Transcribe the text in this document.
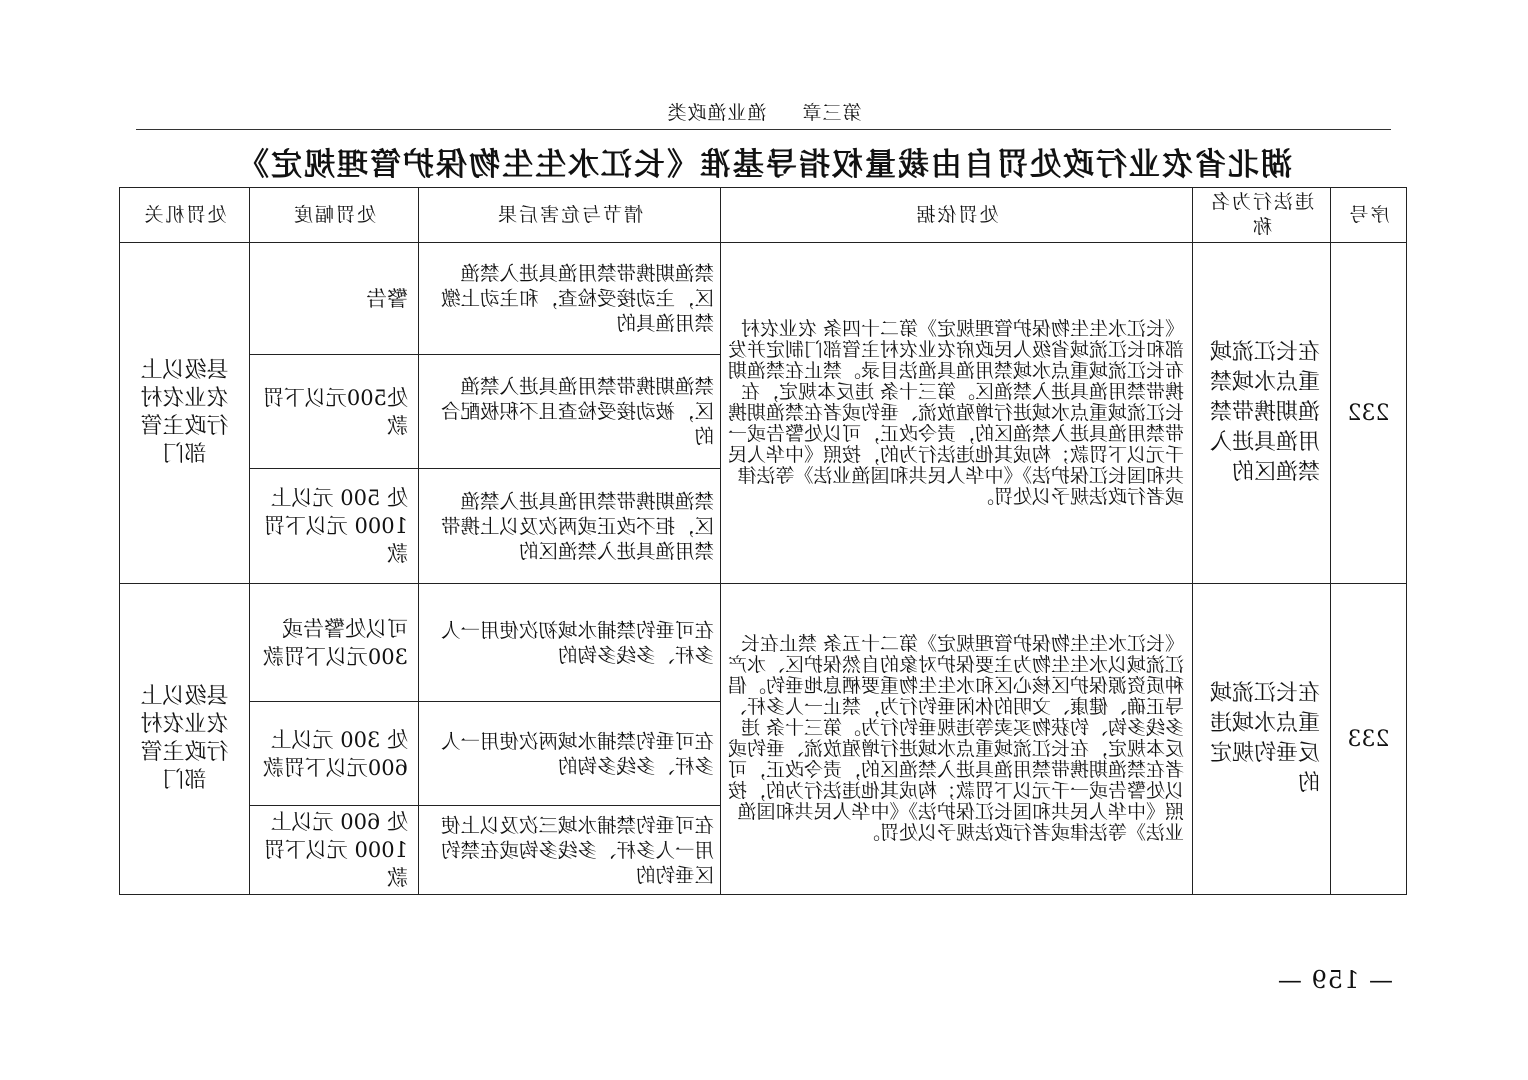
第三章 渔业渔政类
湖北省农业行政处罚自由裁量权指导基准《长江水生生物保护管理规定》
序号	违法行为名称	处罚依据	情节与危害后果	处罚幅度	处罚机关
232	在长江流域重点水域禁渔期携带禁用渔具进入禁渔区的	《长江水生生物保护管理规定》第二十四条 农业农村部和长江流域省级人民政府农业农村主管部门制定并发布长江流域重点水域禁用渔具渔法目录。禁止在禁渔期携带禁用渔具进入禁渔区。第三十条 违反本规定，在长江流域重点水域进行增殖放流、垂钓或者在禁渔期携带禁用渔具进入禁渔区的，责令改正，可以处警告或一千元以下罚款；构成其他违法行为的，按照《中华人民共和国长江保护法》《中华人民共和国渔业法》等法律或者行政法规予以处罚。	禁渔期携带禁用渔具进入禁渔区，主动接受检查，和主动上缴禁用渔具的	警告	县级以上农业农村行政主管部门
			禁渔期携带禁用渔具进入禁渔区，被动接受检查且不积极配合的	处500元以下罚款	
			禁渔期携带禁用渔具进入禁渔区，拒不改正或两次及以上携带禁用渔具进入禁渔区的	处 500 元以上1000 元以下罚款	
233	在长江流域重点水域违反垂钓规定的	《长江水生生物保护管理规定》第二十五条 禁止在长江流域以水生生物为主要保护对象的自然保护区、水产种质资源保护区核心区和水生生物重要栖息地垂钓。倡导正确、健康、文明的休闲垂钓行为，禁止一人多杆、多线多钩、钓获物买卖等违规垂钓行为。第三十条 违反本规定，在长江流域重点水域进行增殖放流、垂钓或者在禁渔期携带禁用渔具进入禁渔区的，责令改正，可以处警告或一千元以下罚款；构成其他违法行为的，按照《中华人民共和国长江保护法》《中华人民共和国渔业法》等法律或者行政法规予以处罚。	在可垂钓禁捕水域初次使用一人多杆、多线多钩的	可以处警告或300元以下罚款	县级以上农业农村行政主管部门
			在可垂钓禁捕水域两次使用一人多杆、多线多钩的	处 300 元以上600元以下罚款	
			在可垂钓禁捕水域三次及以上使用一人多杆、多线多钩或在禁钓区垂钓的	处 600 元以上1000 元以下罚款	
— 159 —
